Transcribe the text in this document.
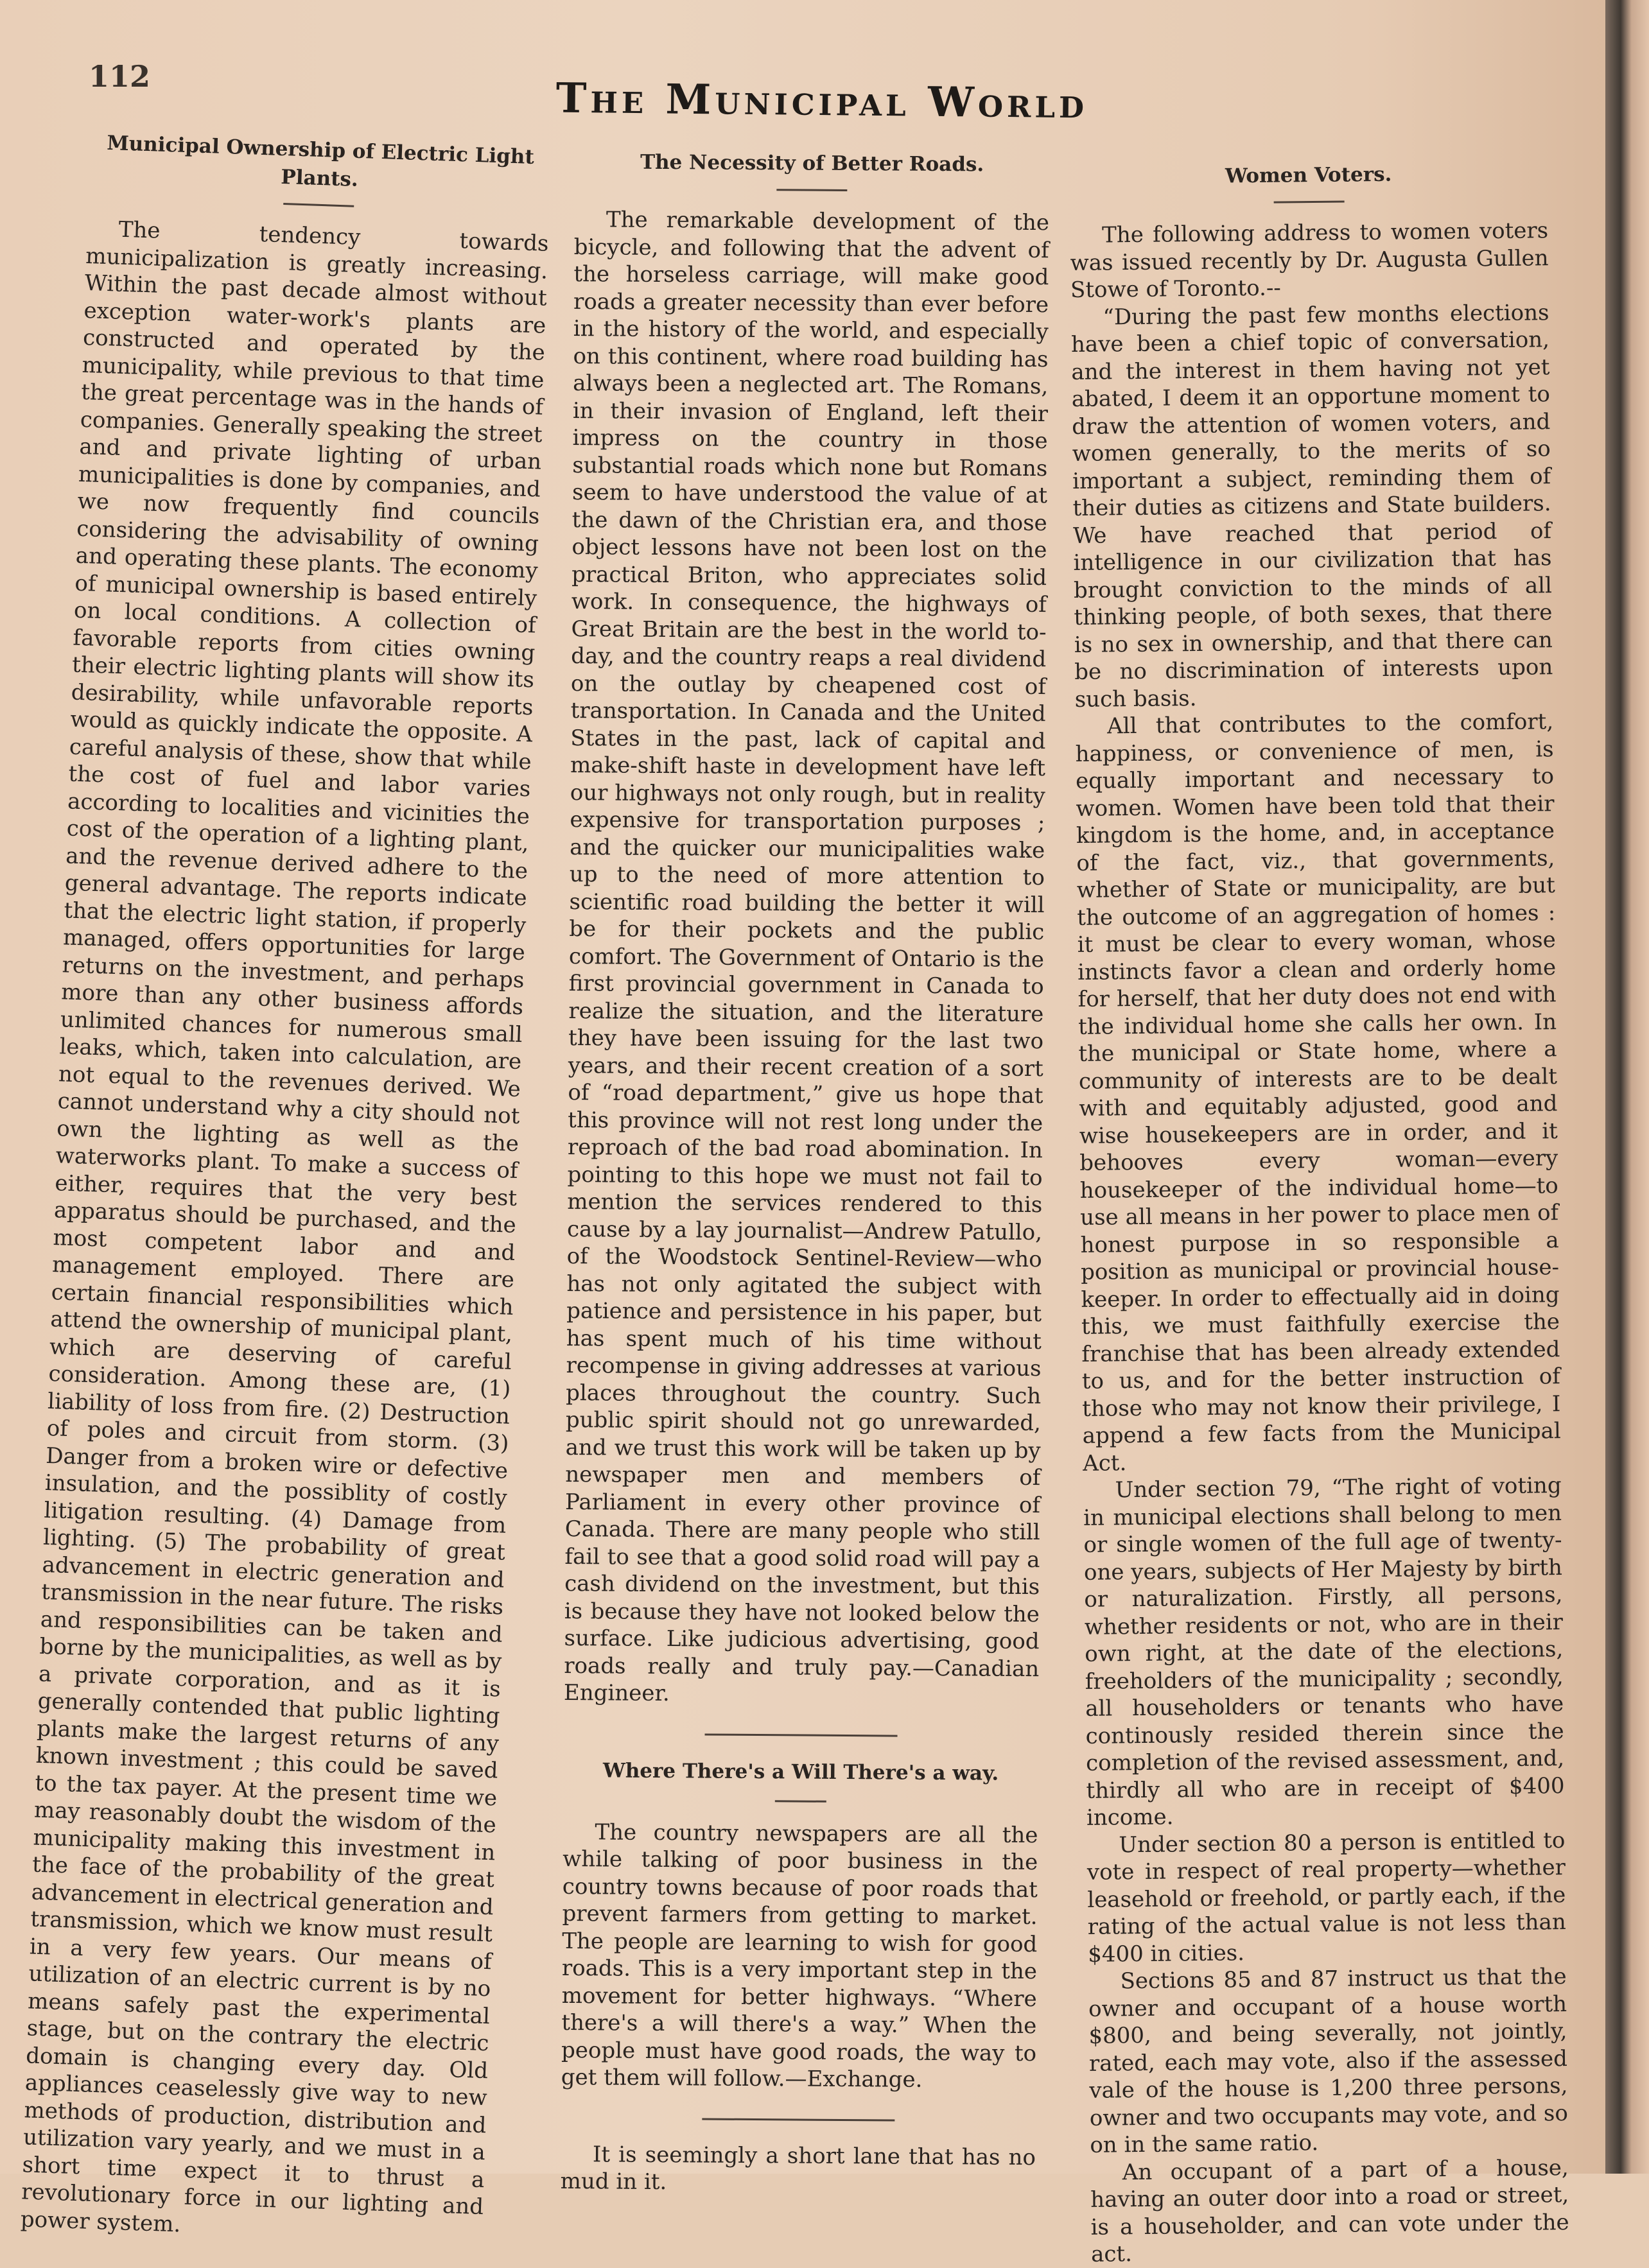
112	The Municipal World
Municipal Ownership of Electric Light Plants.

The tendency towards municipalization is greatly increasing. Within the past decade almost without exception water-work's plants are constructed and operated by the municipality, while previous to that time the great percentage was in the hands of companies. Generally speaking the street and and private lighting of urban municipalities is done by companies, and we now frequently find councils considering the advisability of owning and operating these plants. The economy of municipal ownership is based entirely on local conditions. A collection of favorable reports from cities owning their electric lighting plants will show its desirability, while unfavorable reports would as quickly indicate the opposite. A careful analysis of these, show that while the cost of fuel and labor varies according to localities and vicinities the cost of the operation of a lighting plant, and the revenue derived adhere to the general advantage. The reports indicate that the electric light station, if properly managed, offers opportunities for large returns on the investment, and perhaps more than any other business affords unlimited chances for numerous small leaks, which, taken into calculation, are not equal to the revenues derived. We cannot understand why a city should not own the lighting as well as the waterworks plant. To make a success of either, requires that the very best apparatus should be purchased, and the most competent labor and and management employed. There are certain financial responsibilities which attend the ownership of municipal plant, which are deserving of careful consideration. Among these are, (1) liability of loss from fire. (2) Destruction of poles and circuit from storm. (3) Danger from a broken wire or defective insulation, and the possiblity of costly litigation resulting. (4) Damage from lighting. (5) The probability of great advancement in electric generation and transmission in the near future. The risks and responsibilities can be taken and borne by the municipalities, as well as by a private corporation, and as it is generally contended that public lighting plants make the largest returns of any known investment ; this could be saved to the tax payer. At the present time we may reasonably doubt the wisdom of the municipality making this investment in the face of the probability of the great advancement in electrical generation and transmission, which we know must result in a very few years. Our means of utilization of an electric current is by no means safely past the experimental stage, but on the contrary the electric domain is changing every day. Old appliances ceaselessly give way to new methods of production, distribution and utilization vary yearly, and we must in a short time expect it to thrust a revolutionary force in our lighting and power system.

The Necessity of Better Roads.

The remarkable development of the bicycle, and following that the advent of the horseless carriage, will make good roads a greater necessity than ever before in the history of the world, and especially on this continent, where road building has always been a neglected art. The Romans, in their invasion of England, left their impress on the country in those substantial roads which none but Romans seem to have understood the value of at the dawn of the Christian era, and those object lessons have not been lost on the practical Briton, who appreciates solid work. In consequence, the highways of Great Britain are the best in the world to-day, and the country reaps a real dividend on the outlay by cheapened cost of transportation. In Canada and the United States in the past, lack of capital and make-shift haste in development have left our highways not only rough, but in reality expensive for transportation purposes ; and the quicker our municipalities wake up to the need of more attention to scientific road building the better it will be for their pockets and the public comfort. The Government of Ontario is the first provincial government in Canada to realize the situation, and the literature they have been issuing for the last two years, and their recent creation of a sort of “road department,” give us hope that this province will not rest long under the reproach of the bad road abomination. In pointing to this hope we must not fail to mention the services rendered to this cause by a lay journalist—Andrew Patullo, of the Woodstock Sentinel-Review—who has not only agitated the subject with patience and persistence in his paper, but has spent much of his time without recompense in giving addresses at various places throughout the country. Such public spirit should not go unrewarded, and we trust this work will be taken up by newspaper men and members of Parliament in every other province of Canada. There are many people who still fail to see that a good solid road will pay a cash dividend on the investment, but this is because they have not looked below the surface. Like judicious advertising, good roads really and truly pay.—Canadian Engineer.

Where There's a Will There's a way.

The country newspapers are all the while talking of poor business in the country towns because of poor roads that prevent farmers from getting to market. The people are learning to wish for good roads. This is a very important step in the movement for better highways. “Where there's a will there's a way.” When the people must have good roads, the way to get them will follow.—Exchange.

It is seemingly a short lane that has no mud in it.

Women Voters.

The following address to women voters was issued recently by Dr. Augusta Gullen Stowe of Toronto.--

“During the past few months elections have been a chief topic of conversation, and the interest in them having not yet abated, I deem it an opportune moment to draw the attention of women voters, and women generally, to the merits of so important a subject, reminding them of their duties as citizens and State builders. We have reached that period of intelligence in our civilization that has brought conviction to the minds of all thinking people, of both sexes, that there is no sex in ownership, and that there can be no discrimination of interests upon such basis.

All that contributes to the comfort, happiness, or convenience of men, is equally important and necessary to women. Women have been told that their kingdom is the home, and, in acceptance of the fact, viz., that governments, whether of State or municipality, are but the outcome of an aggregation of homes : it must be clear to every woman, whose instincts favor a clean and orderly home for herself, that her duty does not end with the individual home she calls her own. In the municipal or State home, where a community of interests are to be dealt with and equitably adjusted, good and wise housekeepers are in order, and it behooves every woman—every housekeeper of the individual home—to use all means in her power to place men of honest purpose in so responsible a position as municipal or provincial house-keeper. In order to effectually aid in doing this, we must faithfully exercise the franchise that has been already extended to us, and for the better instruction of those who may not know their privilege, I append a few facts from the Municipal Act.

Under section 79, “The right of voting in municipal elections shall belong to men or single women of the full age of twenty-one years, subjects of Her Majesty by birth or naturalization. Firstly, all persons, whether residents or not, who are in their own right, at the date of the elections, freeholders of the municipality ; secondly, all householders or tenants who have continously resided therein since the completion of the revised assessment, and, thirdly all who are in receipt of $400 income.

Under section 80 a person is entitled to vote in respect of real property—whether leasehold or freehold, or partly each, if the rating of the actual value is not less than $400 in cities.

Sections 85 and 87 instruct us that the owner and occupant of a house worth $800, and being severally, not jointly, rated, each may vote, also if the assessed vale of the house is 1,200 three persons, owner and two occupants may vote, and so on in the same ratio.

An occupant of a part of a house, having an outer door into a road or street, is a householder, and can vote under the act.
